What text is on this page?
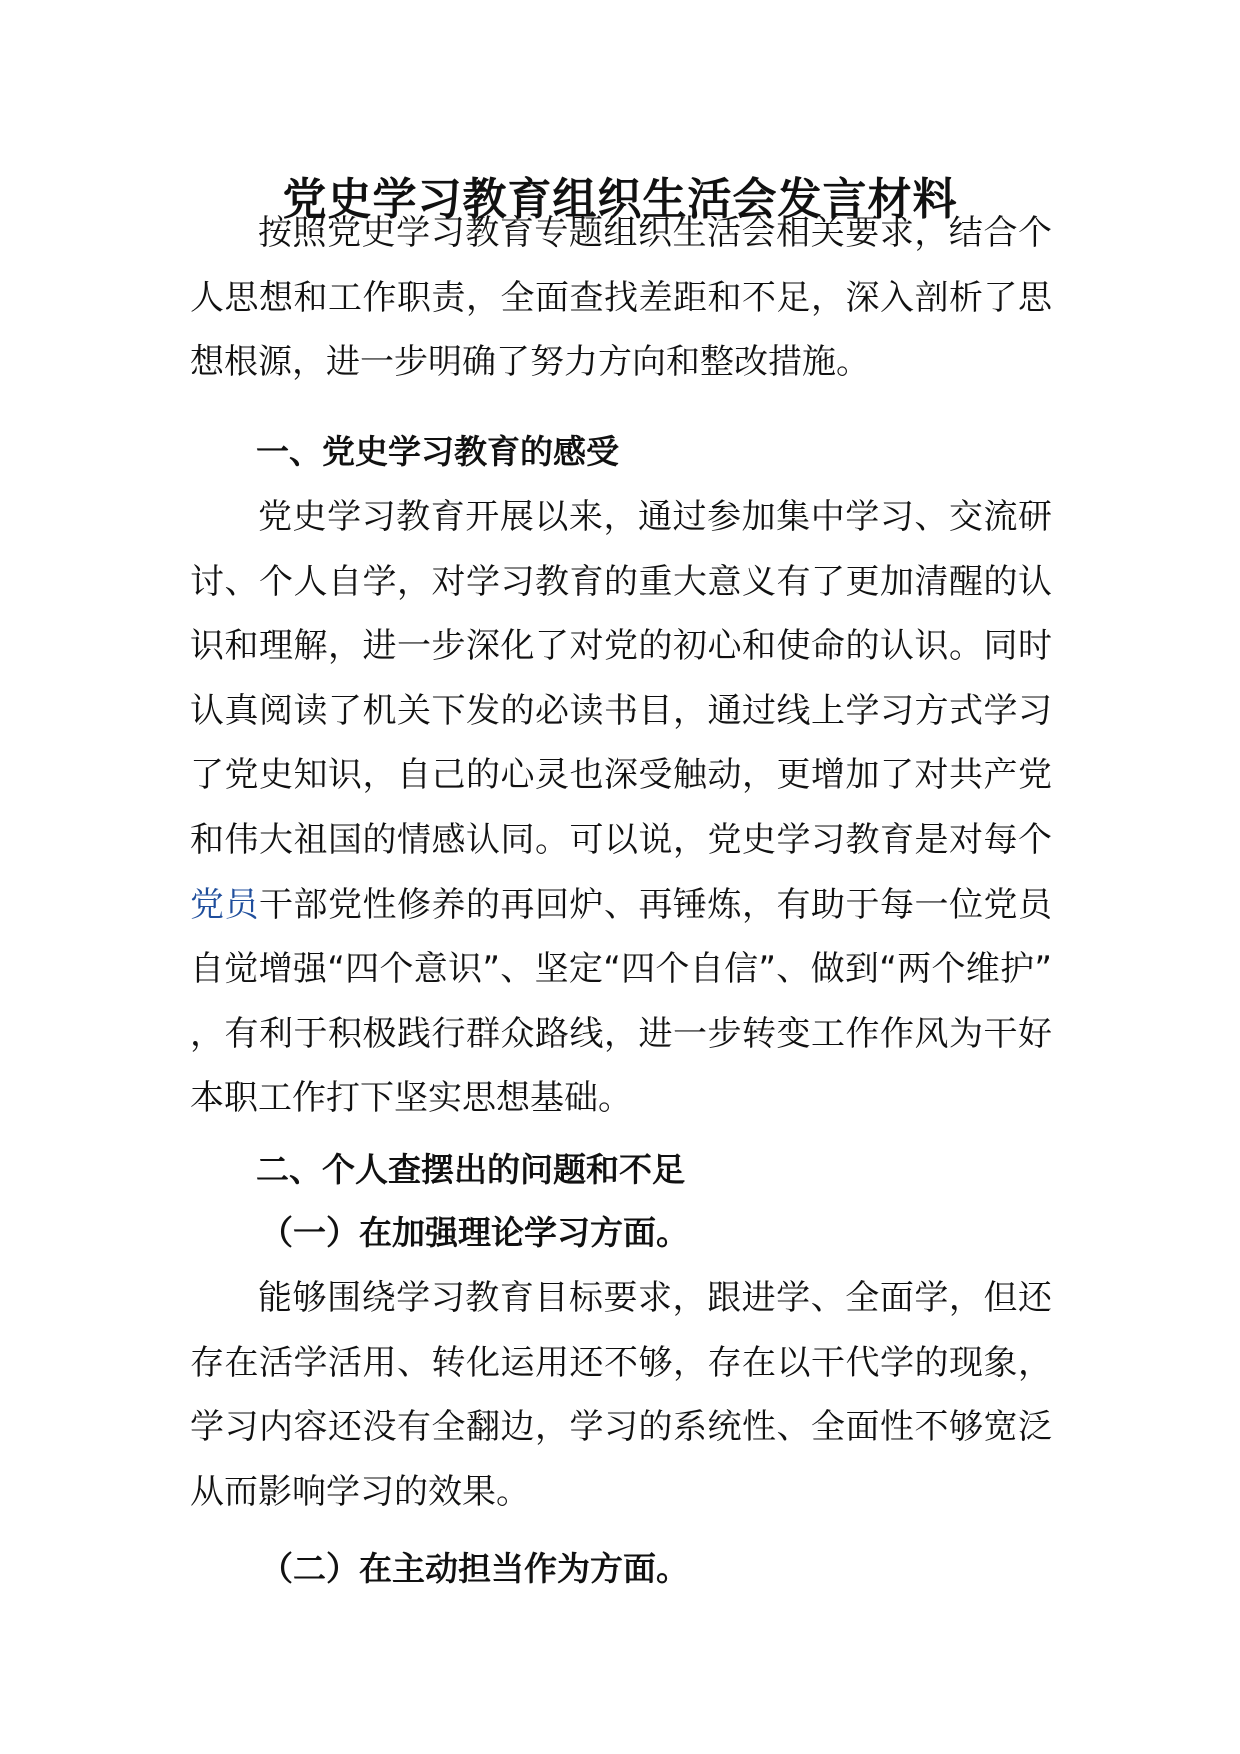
党史学习教育组织生活会发言材料

按照党史学习教育专题组织生活会相关要求，结合个人思想和工作职责，全面查找差距和不足，深入剖析了思想根源，进一步明确了努力方向和整改措施。

一、党史学习教育的感受

党史学习教育开展以来，通过参加集中学习、交流研讨、个人自学，对学习教育的重大意义有了更加清醒的认识和理解，进一步深化了对党的初心和使命的认识。同时认真阅读了机关下发的必读书目，通过线上学习方式学习了党史知识，自己的心灵也深受触动，更增加了对共产党和伟大祖国的情感认同。可以说，党史学习教育是对每个党员干部党性修养的再回炉、再锤炼，有助于每一位党员自觉增强“四个意识”、坚定“四个自信”、做到“两个维护” ，有利于积极践行群众路线，进一步转变工作作风为干好本职工作打下坚实思想基础。

二、个人查摆出的问题和不足

（一）在加强理论学习方面。

能够围绕学习教育目标要求，跟进学、全面学，但还存在活学活用、转化运用还不够，存在以干代学的现象，学习内容还没有全翻边，学习的系统性、全面性不够宽泛从而影响学习的效果。

（二）在主动担当作为方面。
